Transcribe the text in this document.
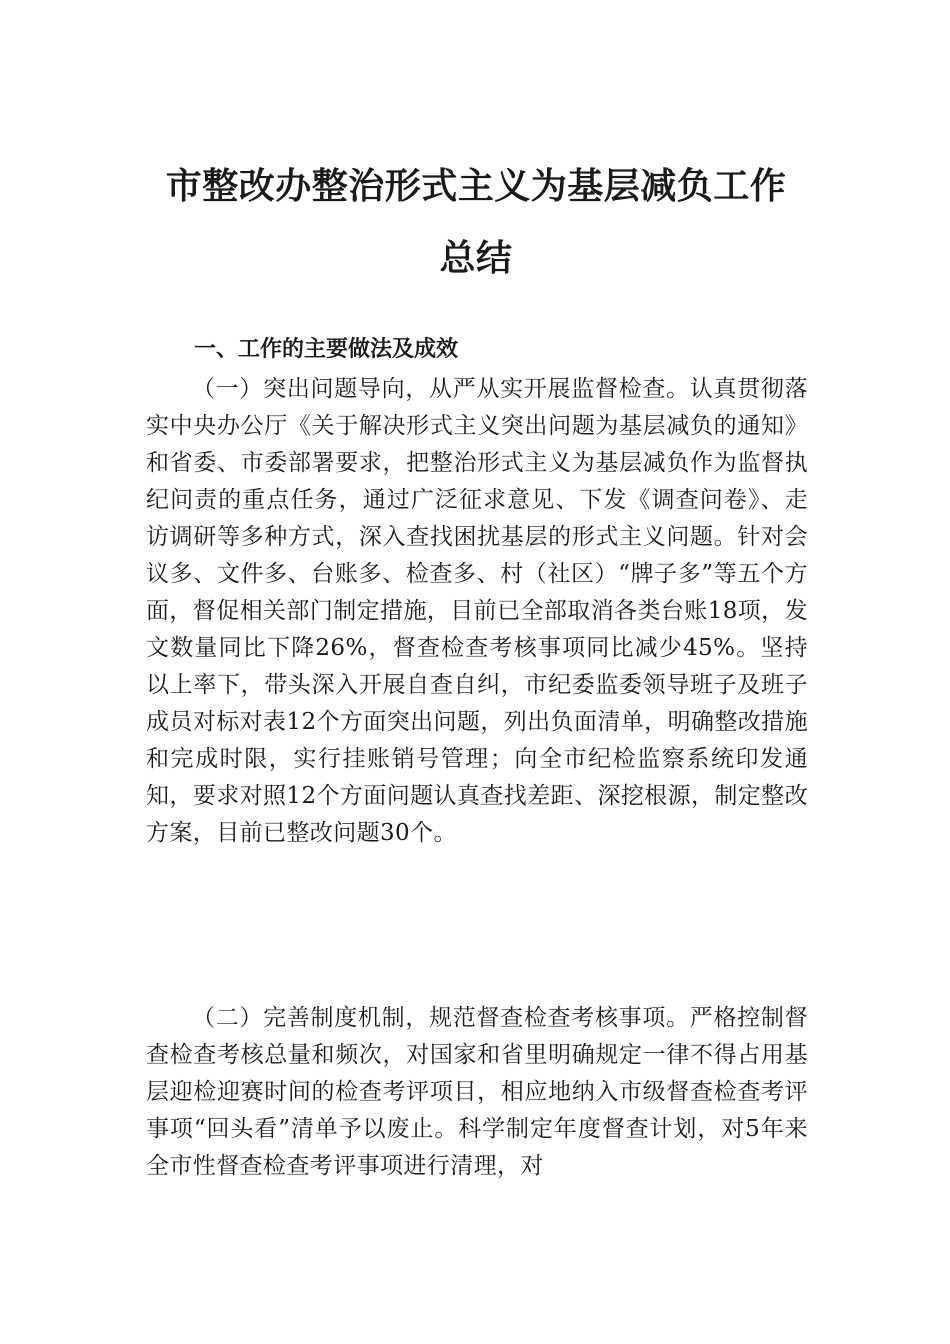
市整改办整治形式主义为基层减负工作总结
一、工作的主要做法及成效

（一）突出问题导向，从严从实开展监督检查。认真贯彻落实中央办公厅《关于解决形式主义突出问题为基层减负的通知》和省委、市委部署要求，把整治形式主义为基层减负作为监督执纪问责的重点任务，通过广泛征求意见、下发《调查问卷》、走访调研等多种方式，深入查找困扰基层的形式主义问题。针对会议多、文件多、台账多、检查多、村（社区）“牌子多”等五个方面，督促相关部门制定措施，目前已全部取消各类台账18项，发文数量同比下降26%，督查检查考核事项同比减少45%。坚持以上率下，带头深入开展自查自纠，市纪委监委领导班子及班子成员对标对表12个方面突出问题，列出负面清单，明确整改措施和完成时限，实行挂账销号管理；向全市纪检监察系统印发通知，要求对照12个方面问题认真查找差距、深挖根源，制定整改方案，目前已整改问题30个。

（二）完善制度机制，规范督查检查考核事项。严格控制督查检查考核总量和频次，对国家和省里明确规定一律不得占用基层迎检迎赛时间的检查考评项目，相应地纳入市级督查检查考评事项“回头看”清单予以废止。科学制定年度督查计划，对5年来全市性督查检查考评事项进行清理，对
